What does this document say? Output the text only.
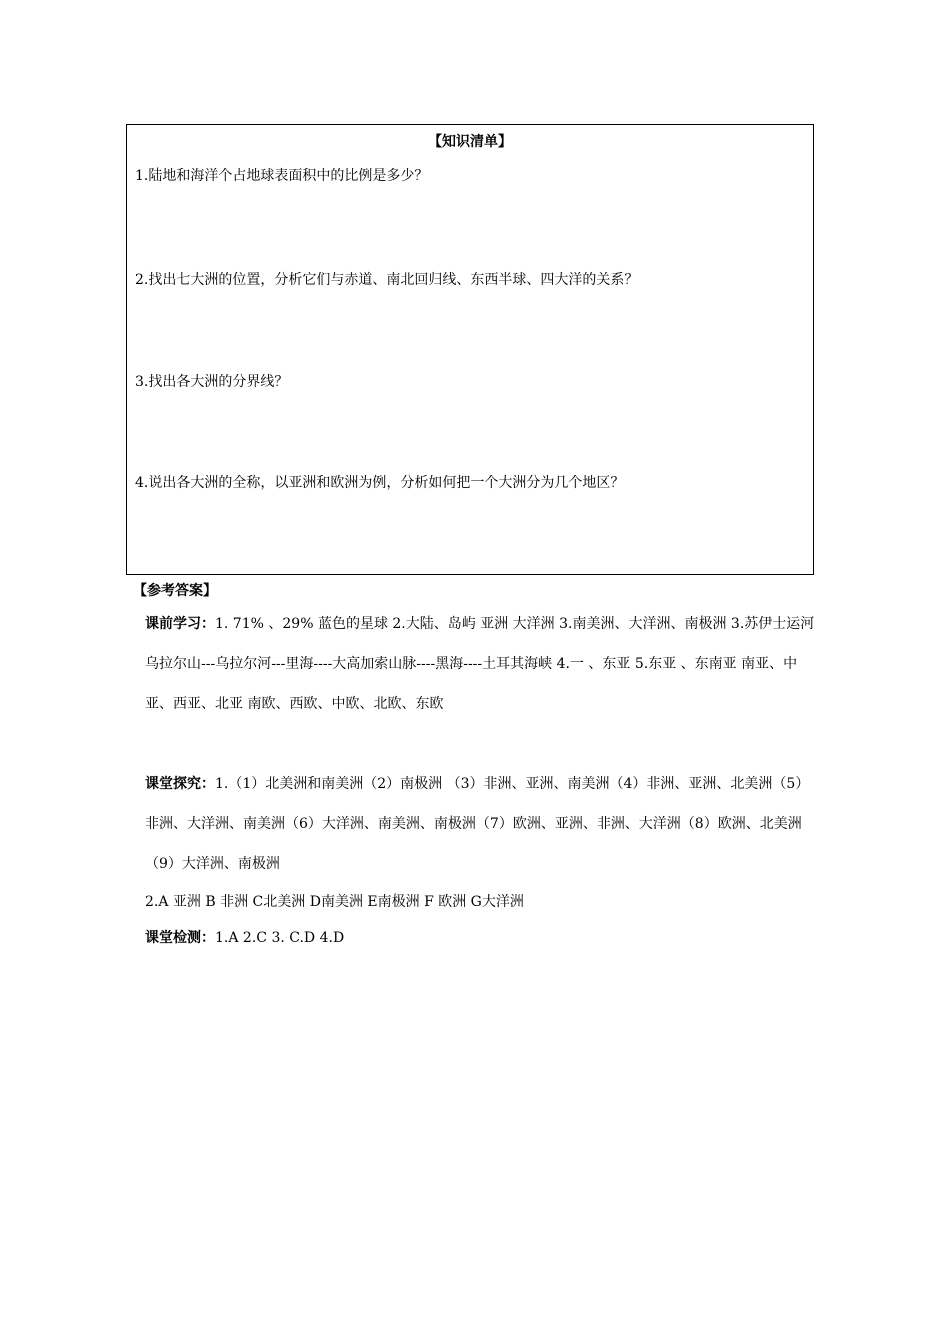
【知识清单】
1.陆地和海洋个占地球表面积中的比例是多少？
2.找出七大洲的位置，分析它们与赤道、南北回归线、东西半球、四大洋的关系？
3.找出各大洲的分界线？
4.说出各大洲的全称，以亚洲和欧洲为例，分析如何把一个大洲分为几个地区？
【参考答案】
课前学习：1. 71% 、29% 蓝色的星球 2.大陆、岛屿 亚洲 大洋洲 3.南美洲、大洋洲、南极洲 3.苏伊士运河 乌拉尔山---乌拉尔河---里海----大高加索山脉----黑海----土耳其海峡 4.一 、东亚 5.东亚 、东南亚 南亚、中亚、西亚、北亚 南欧、西欧、中欧、北欧、东欧
课堂探究：1.（1）北美洲和南美洲（2）南极洲 （3）非洲、亚洲、南美洲（4）非洲、亚洲、北美洲（5）非洲、大洋洲、南美洲（6）大洋洲、南美洲、南极洲（7）欧洲、亚洲、非洲、大洋洲（8）欧洲、北美洲（9）大洋洲、南极洲
2.A 亚洲 B 非洲 C北美洲 D南美洲 E南极洲 F 欧洲 G大洋洲
课堂检测：1.A 2.C 3. C.D 4.D
